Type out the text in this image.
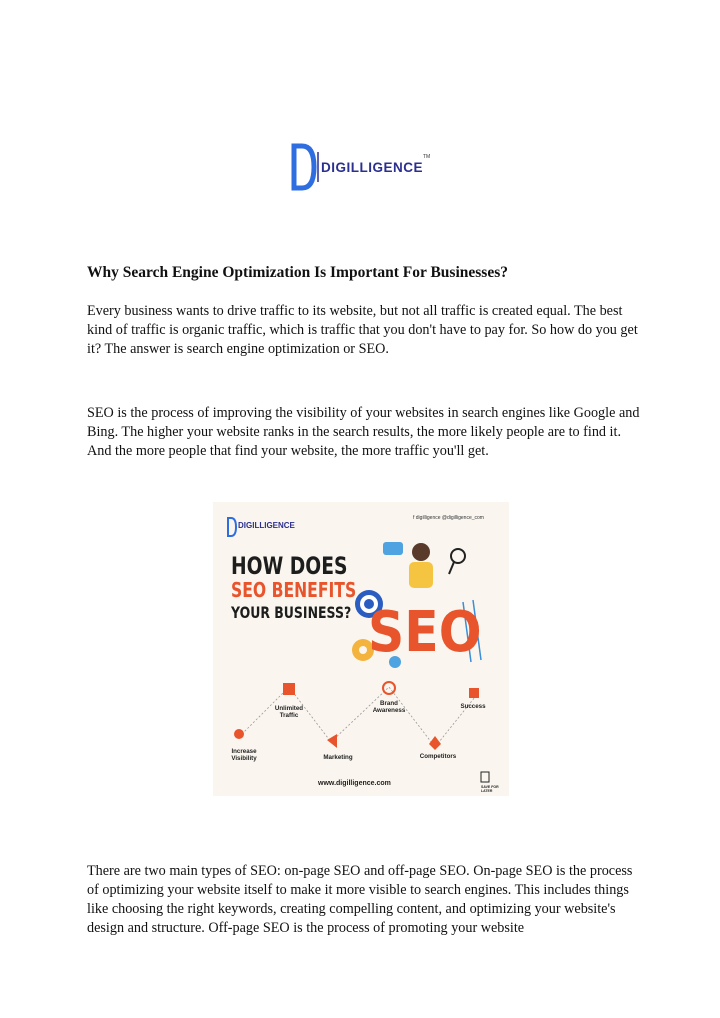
DIGILLIGENCE
TM
Why Search Engine Optimization Is Important For Businesses?

Every business wants to drive traffic to its website, but not all traffic is created equal. The best kind of traffic is organic traffic, which is traffic that you don't have to pay for. So how do you get it? The answer is search engine optimization or SEO.

SEO is the process of improving the visibility of your websites in search engines like Google and Bing. The higher your website ranks in the search results, the more likely people are to find it. And the more people that find your website, the more traffic you'll get.

DIGILLIGENCE
f digilligence @digilligence_com
HOW DOES
SEO BENEFITS
YOUR BUSINESS? SEO
Unlimited Traffic
Brand Awareness
Success
Increase Visibility	Marketing	Competitors
www.digilligence.com	SAVE FOR LATER

There are two main types of SEO: on-page SEO and off-page SEO. On-page SEO is the process of optimizing your website itself to make it more visible to search engines. This includes things like choosing the right keywords, creating compelling content, and optimizing your website's design and structure. Off-page SEO is the process of promoting your website
